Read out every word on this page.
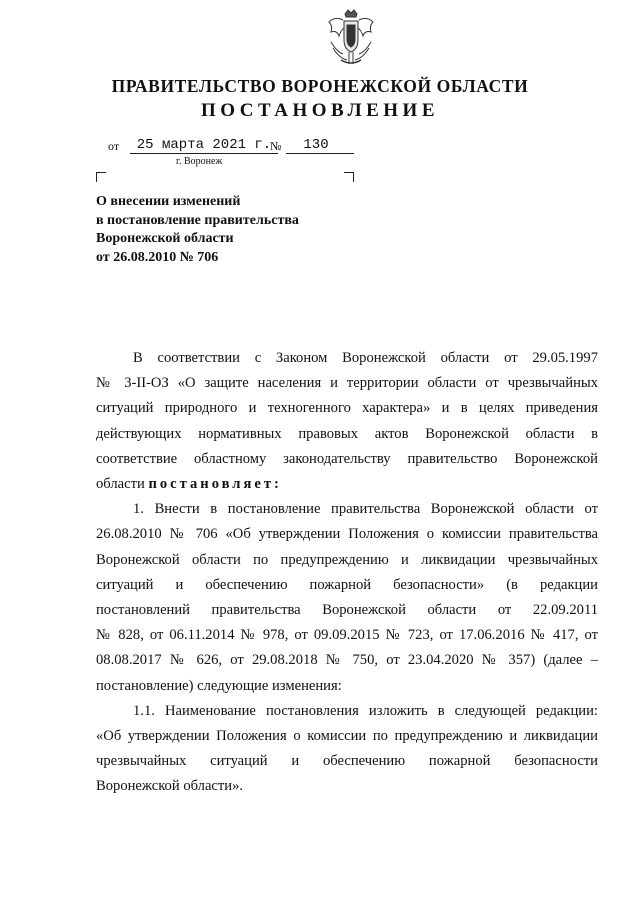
ПРАВИТЕЛЬСТВО ВОРОНЕЖСКОЙ ОБЛАСТИ
ПОСТАНОВЛЕНИЕ
от	25 марта 2021 г.
№	130
г. Воронеж
О внесении изменений
в постановление правительства
Воронежской области
от 26.08.2010 № 706
В соответствии с Законом Воронежской области от 29.05.1997
№ 3-II-ОЗ «О защите населения и территории области от чрезвычайных
ситуаций природного и техногенного характера» и в целях приведения
действующих нормативных правовых актов Воронежской области в
соответствие областному законодательству правительство Воронежской
области постановляет:
1. Внести в постановление правительства Воронежской области от
26.08.2010 № 706 «Об утверждении Положения о комиссии правительства
Воронежской области по предупреждению и ликвидации чрезвычайных
ситуаций и обеспечению пожарной безопасности» (в редакции
постановлений правительства Воронежской области от 22.09.2011
№ 828, от 06.11.2014 № 978, от 09.09.2015 № 723, от 17.06.2016 № 417, от
08.08.2017 № 626, от 29.08.2018 № 750, от 23.04.2020 № 357) (далее –
постановление) следующие изменения:
1.1. Наименование постановления изложить в следующей редакции:
«Об утверждении Положения о комиссии по предупреждению и ликвидации
чрезвычайных ситуаций и обеспечению пожарной безопасности
Воронежской области».
